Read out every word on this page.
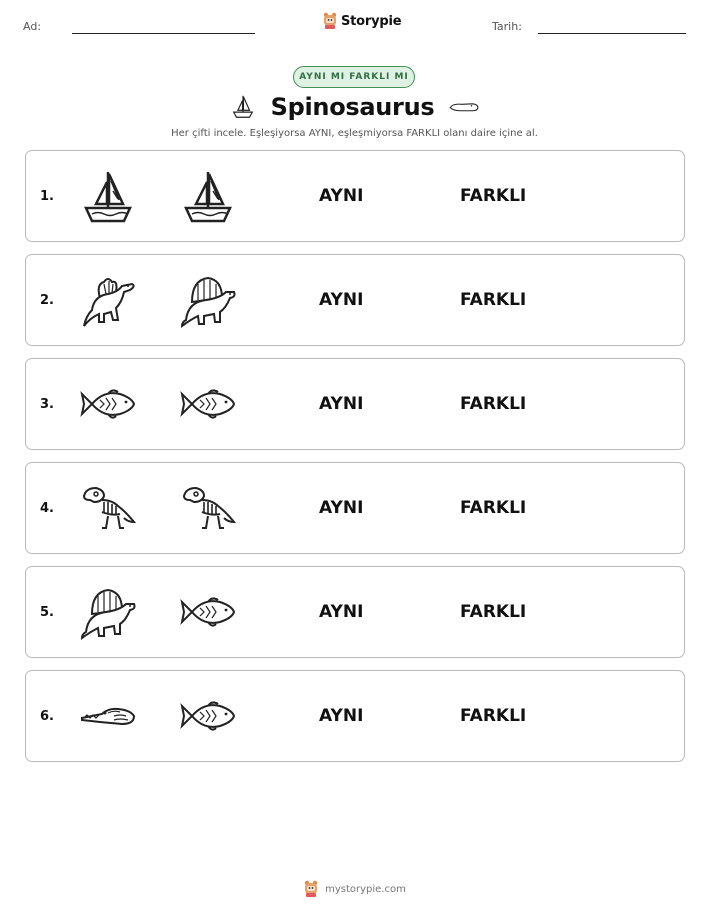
Ad:	Storypie	Tarih:
AYNI MI FARKLI MI
Spinosaurus
Her çifti incele. Eşleşiyorsa AYNI, eşleşmiyorsa FARKLI olanı daire içine al.
1.	AYNI	FARKLI
2.	AYNI	FARKLI
3.	AYNI	FARKLI
4.	AYNI	FARKLI
5.	AYNI	FARKLI
6.	AYNI	FARKLI
mystorypie.com
